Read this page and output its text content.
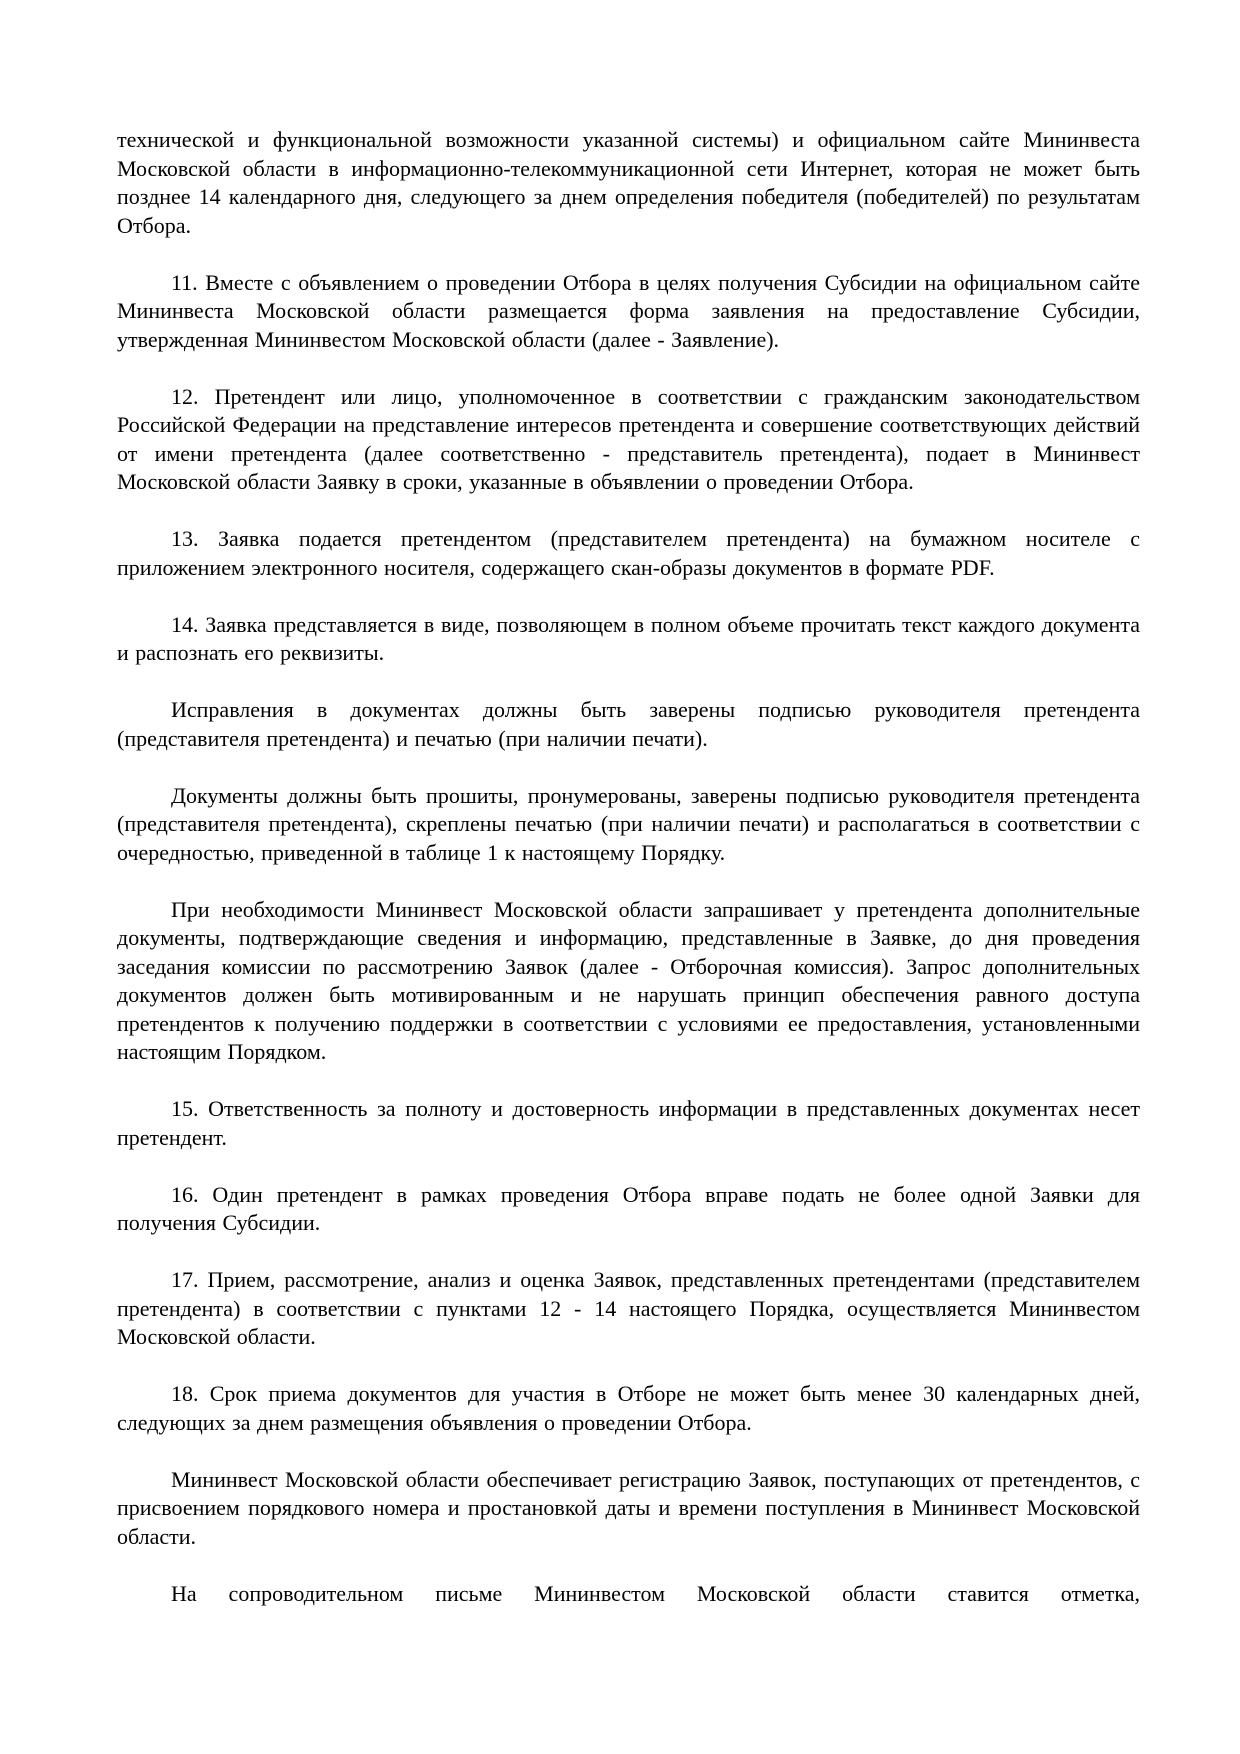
технической и функциональной возможности указанной системы) и официальном сайте Мининвеста Московской области в информационно-телекоммуникационной сети Интернет, которая не может быть позднее 14 календарного дня, следующего за днем определения победителя (победителей) по результатам Отбора.

11. Вместе с объявлением о проведении Отбора в целях получения Субсидии на официальном сайте Мининвеста Московской области размещается форма заявления на предоставление Субсидии, утвержденная Мининвестом Московской области (далее - Заявление).

12. Претендент или лицо, уполномоченное в соответствии с гражданским законодательством Российской Федерации на представление интересов претендента и совершение соответствующих действий от имени претендента (далее соответственно - представитель претендента), подает в Мининвест Московской области Заявку в сроки, указанные в объявлении о проведении Отбора.

13. Заявка подается претендентом (представителем претендента) на бумажном носителе с приложением электронного носителя, содержащего скан-образы документов в формате PDF.

14. Заявка представляется в виде, позволяющем в полном объеме прочитать текст каждого документа и распознать его реквизиты.

Исправления в документах должны быть заверены подписью руководителя претендента (представителя претендента) и печатью (при наличии печати).

Документы должны быть прошиты, пронумерованы, заверены подписью руководителя претендента (представителя претендента), скреплены печатью (при наличии печати) и располагаться в соответствии с очередностью, приведенной в таблице 1 к настоящему Порядку.

При необходимости Мининвест Московской области запрашивает у претендента дополнительные документы, подтверждающие сведения и информацию, представленные в Заявке, до дня проведения заседания комиссии по рассмотрению Заявок (далее - Отборочная комиссия). Запрос дополнительных документов должен быть мотивированным и не нарушать принцип обеспечения равного доступа претендентов к получению поддержки в соответствии с условиями ее предоставления, установленными настоящим Порядком.

15. Ответственность за полноту и достоверность информации в представленных документах несет претендент.

16. Один претендент в рамках проведения Отбора вправе подать не более одной Заявки для получения Субсидии.

17. Прием, рассмотрение, анализ и оценка Заявок, представленных претендентами (представителем претендента) в соответствии с пунктами 12 - 14 настоящего Порядка, осуществляется Мининвестом Московской области.

18. Срок приема документов для участия в Отборе не может быть менее 30 календарных дней, следующих за днем размещения объявления о проведении Отбора.

Мининвест Московской области обеспечивает регистрацию Заявок, поступающих от претендентов, с присвоением порядкового номера и простановкой даты и времени поступления в Мининвест Московской области.

На сопроводительном письме Мининвестом Московской области ставится отметка,
